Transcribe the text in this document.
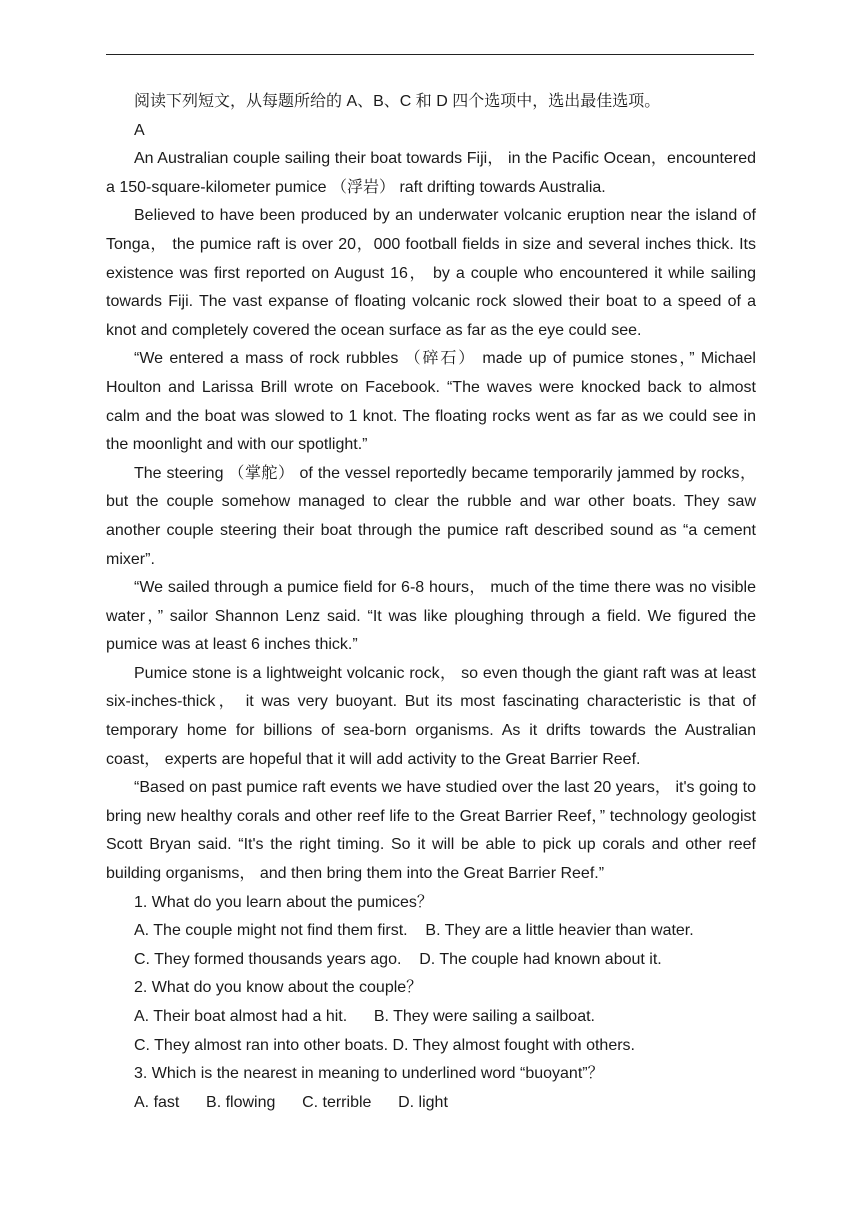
阅读下列短文，从每题所给的 A、B、C 和 D 四个选项中，选出最佳选项。

A

An Australian couple sailing their boat towards Fiji， in the Pacific Ocean，encountered a 150-square-kilometer pumice （浮岩） raft drifting towards Australia.

Believed to have been produced by an underwater volcanic eruption near the island of Tonga， the pumice raft is over 20，000 football fields in size and several inches thick. Its existence was first reported on August 16， by a couple who encountered it while sailing towards Fiji. The vast expanse of floating volcanic rock slowed their boat to a speed of a knot and completely covered the ocean surface as far as the eye could see.

“We entered a mass of rock rubbles （碎石） made up of pumice stones，” Michael Houlton and Larissa Brill wrote on Facebook. “The waves were knocked back to almost calm and the boat was slowed to 1 knot. The floating rocks went as far as we could see in the moonlight and with our spotlight.”

The steering （掌舵） of the vessel reportedly became temporarily jammed by rocks，but the couple somehow managed to clear the rubble and war other boats. They saw another couple steering their boat through the pumice raft described sound as “a cement mixer”.

“We sailed through a pumice field for 6-8 hours， much of the time there was no visible water，” sailor Shannon Lenz said. “It was like ploughing through a field. We figured the pumice was at least 6 inches thick.”

Pumice stone is a lightweight volcanic rock， so even though the giant raft was at least six-inches-thick， it was very buoyant. But its most fascinating characteristic is that of temporary home for billions of sea-born organisms. As it drifts towards the Australian coast， experts are hopeful that it will add activity to the Great Barrier Reef.

“Based on past pumice raft events we have studied over the last 20 years， it's going to bring new healthy corals and other reef life to the Great Barrier Reef，” technology geologist Scott Bryan said. “It's the right timing. So it will be able to pick up corals and other reef building organisms， and then bring them into the Great Barrier Reef.”

1. What do you learn about the pumices？

A. The couple might not find them first.    B. They are a little heavier than water.

C. They formed thousands years ago.    D. The couple had known about it.

2. What do you know about the couple？

A. Their boat almost had a hit.      B. They were sailing a sailboat.

C. They almost ran into other boats. D. They almost fought with others.

3. Which is the nearest in meaning to underlined word “buoyant”？

A. fast      B. flowing      C. terrible      D. light
